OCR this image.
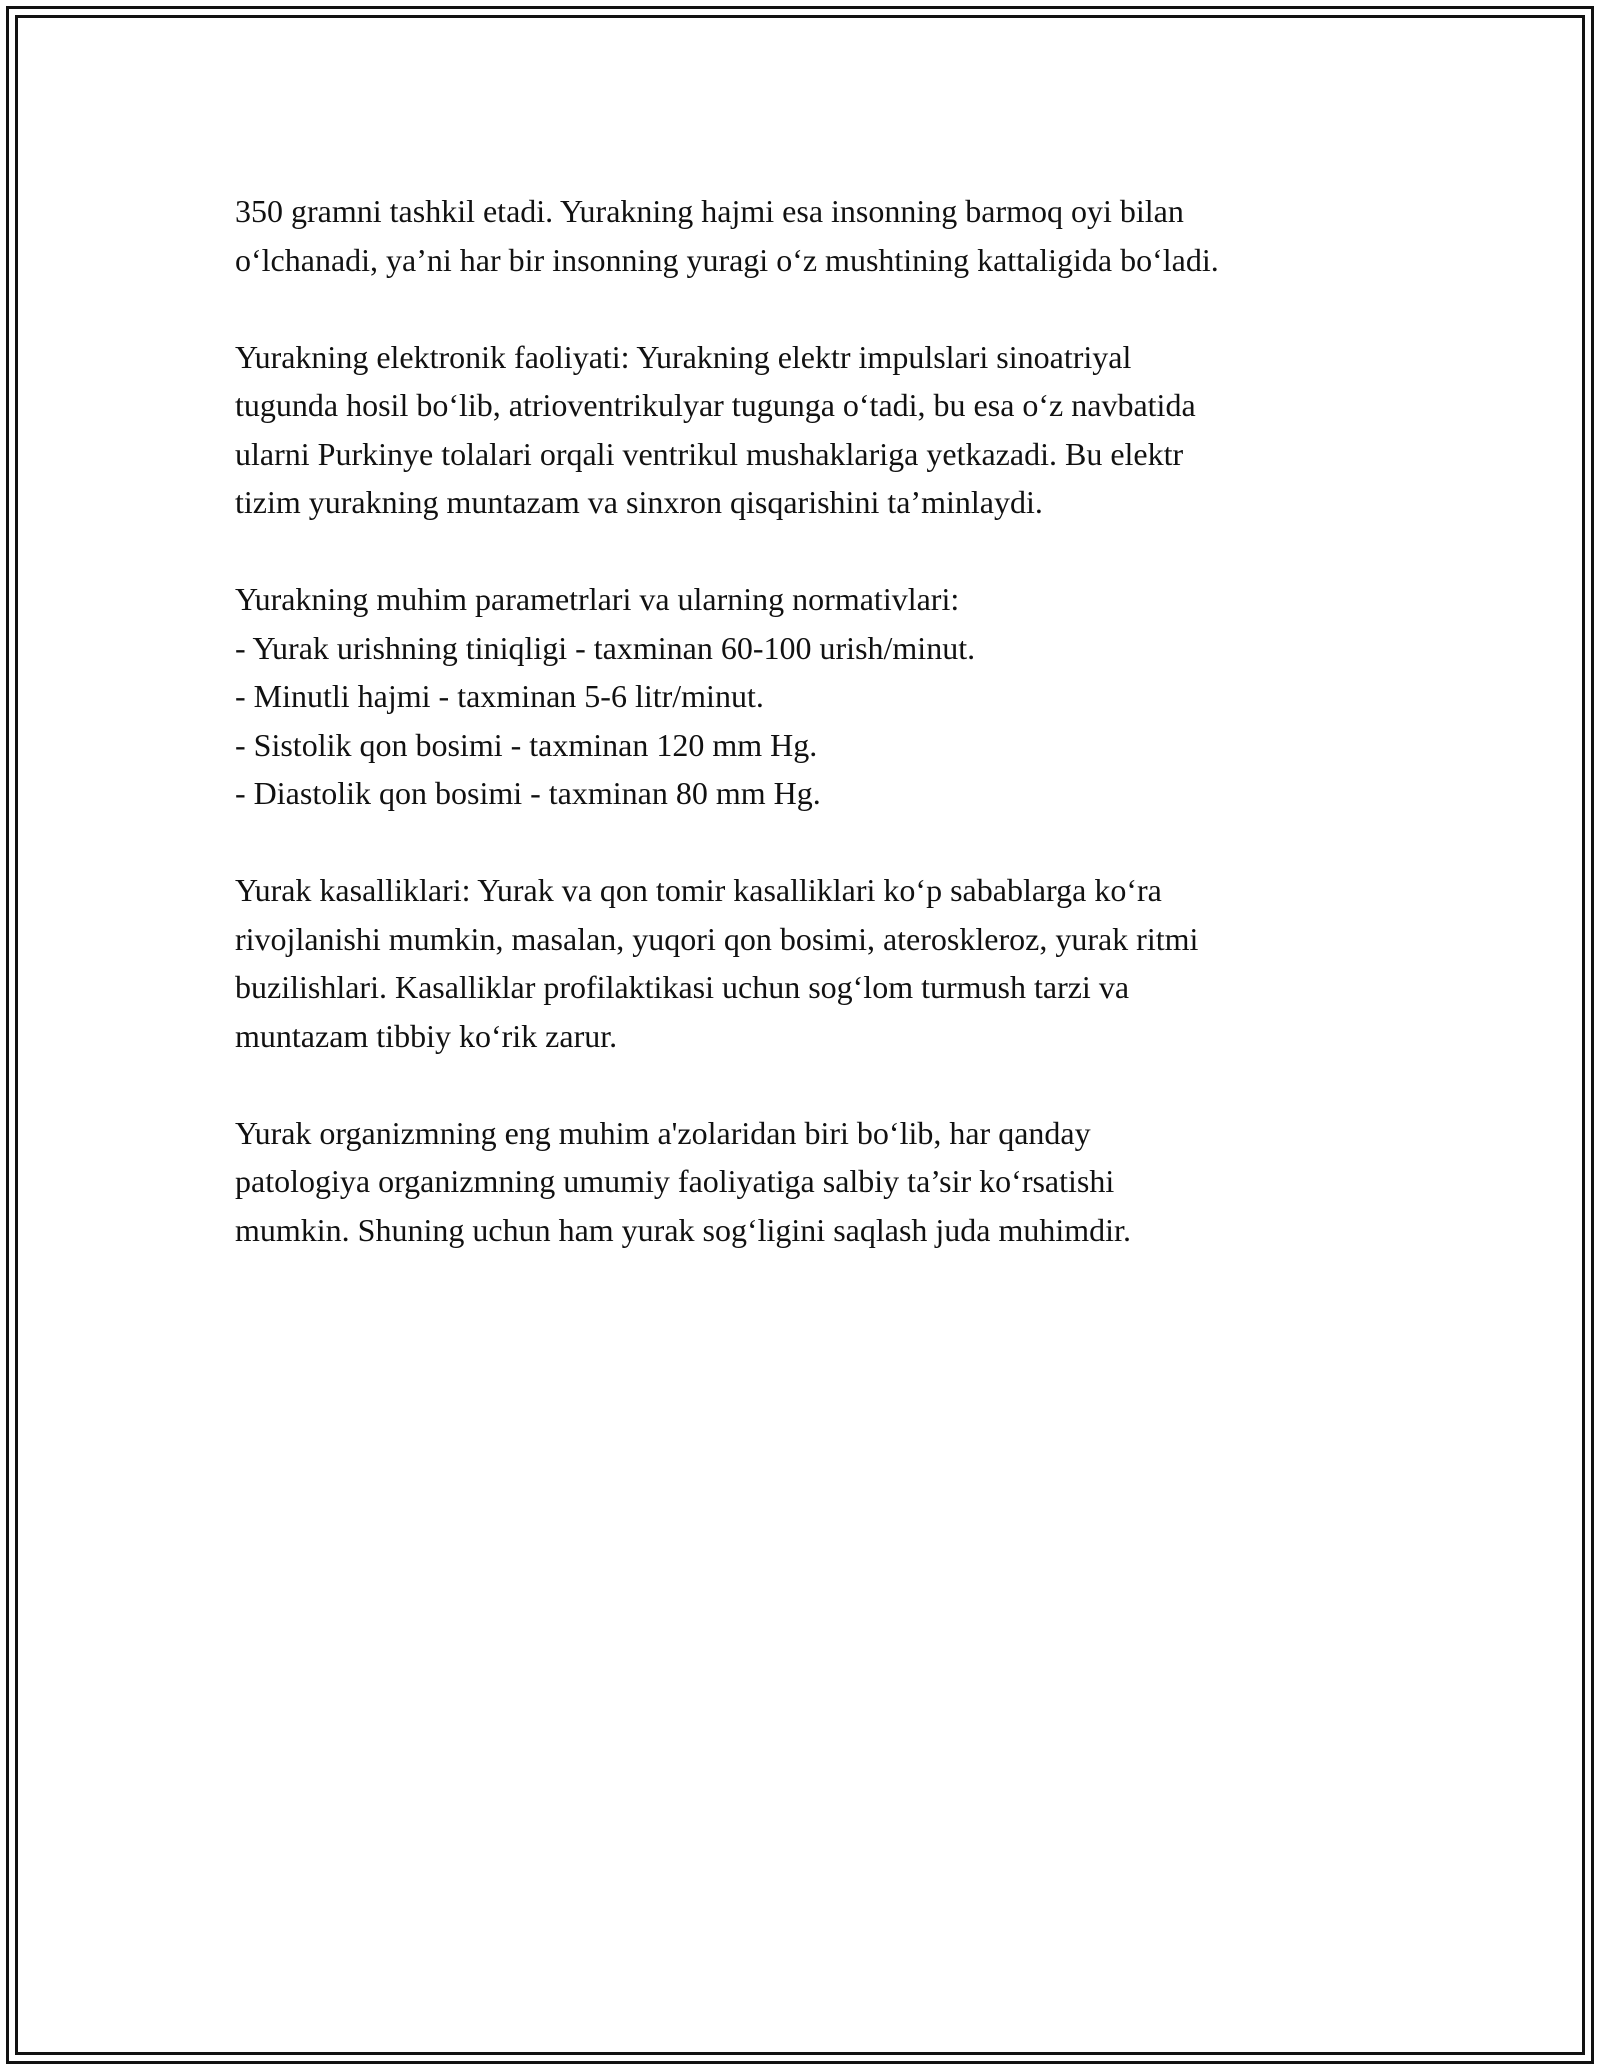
350 gramni tashkil etadi. Yurakning hajmi esa insonning barmoq oyi bilan
o‘lchanadi, ya’ni har bir insonning yuragi o‘z mushtining kattaligida bo‘ladi.

Yurakning elektronik faoliyati: Yurakning elektr impulslari sinoatriyal
tugunda hosil bo‘lib, atrioventrikulyar tugunga o‘tadi, bu esa o‘z navbatida
ularni Purkinye tolalari orqali ventrikul mushaklariga yetkazadi. Bu elektr
tizim yurakning muntazam va sinxron qisqarishini ta’minlaydi.

Yurakning muhim parametrlari va ularning normativlari:
- Yurak urishning tiniqligi - taxminan 60-100 urish/minut.
- Minutli hajmi - taxminan 5-6 litr/minut.
- Sistolik qon bosimi - taxminan 120 mm Hg.
- Diastolik qon bosimi - taxminan 80 mm Hg.

Yurak kasalliklari: Yurak va qon tomir kasalliklari ko‘p sabablarga ko‘ra
rivojlanishi mumkin, masalan, yuqori qon bosimi, ateroskleroz, yurak ritmi
buzilishlari. Kasalliklar profilaktikasi uchun sog‘lom turmush tarzi va
muntazam tibbiy ko‘rik zarur.

Yurak organizmning eng muhim a'zolaridan biri bo‘lib, har qanday
patologiya organizmning umumiy faoliyatiga salbiy ta’sir ko‘rsatishi
mumkin. Shuning uchun ham yurak sog‘ligini saqlash juda muhimdir.
